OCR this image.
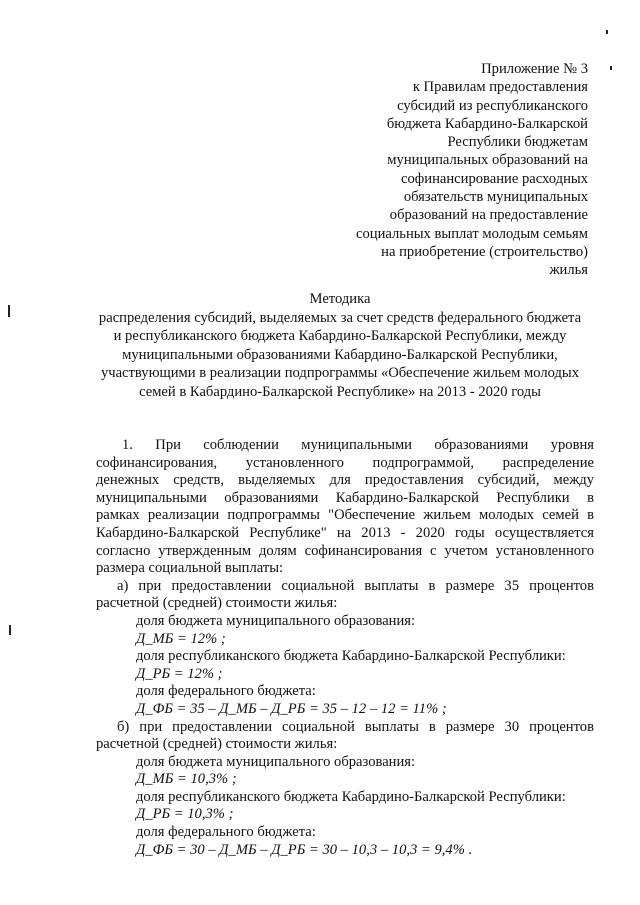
Приложение № 3
к Правилам предоставления
субсидий из республиканского
бюджета Кабардино-Балкарской
Республики бюджетам
муниципальных образований на
софинансирование расходных
обязательств муниципальных
образований на предоставление
социальных выплат молодым семьям
на приобретение (строительство)
жилья
Методика
распределения субсидий, выделяемых за счет средств федерального бюджета
и республиканского бюджета Кабардино-Балкарской Республики, между
муниципальными образованиями Кабардино-Балкарской Республики,
участвующими в реализации подпрограммы «Обеспечение жильем молодых
семей в Кабардино-Балкарской Республике» на 2013 - 2020 годы
1. При соблюдении муниципальными образованиями уровня
софинансирования, установленного подпрограммой, распределение
денежных средств, выделяемых для предоставления субсидий, между
муниципальными образованиями Кабардино-Балкарской Республики в
рамках реализации подпрограммы "Обеспечение жильем молодых семей в
Кабардино-Балкарской Республике" на 2013 - 2020 годы осуществляется
согласно утвержденным долям софинансирования с учетом установленного
размера социальной выплаты:
а) при предоставлении социальной выплаты в размере 35 процентов
расчетной (средней) стоимости жилья:
доля бюджета муниципального образования:
Д_МБ = 12% ;
доля республиканского бюджета Кабардино-Балкарской Республики:
Д_РБ = 12% ;
доля федерального бюджета:
Д_ФБ = 35 – Д_МБ – Д_РБ = 35 – 12 – 12 = 11% ;
б) при предоставлении социальной выплаты в размере 30 процентов
расчетной (средней) стоимости жилья:
доля бюджета муниципального образования:
Д_МБ = 10,3% ;
доля республиканского бюджета Кабардино-Балкарской Республики:
Д_РБ = 10,3% ;
доля федерального бюджета:
Д_ФБ = 30 – Д_МБ – Д_РБ = 30 – 10,3 – 10,3 = 9,4% .
